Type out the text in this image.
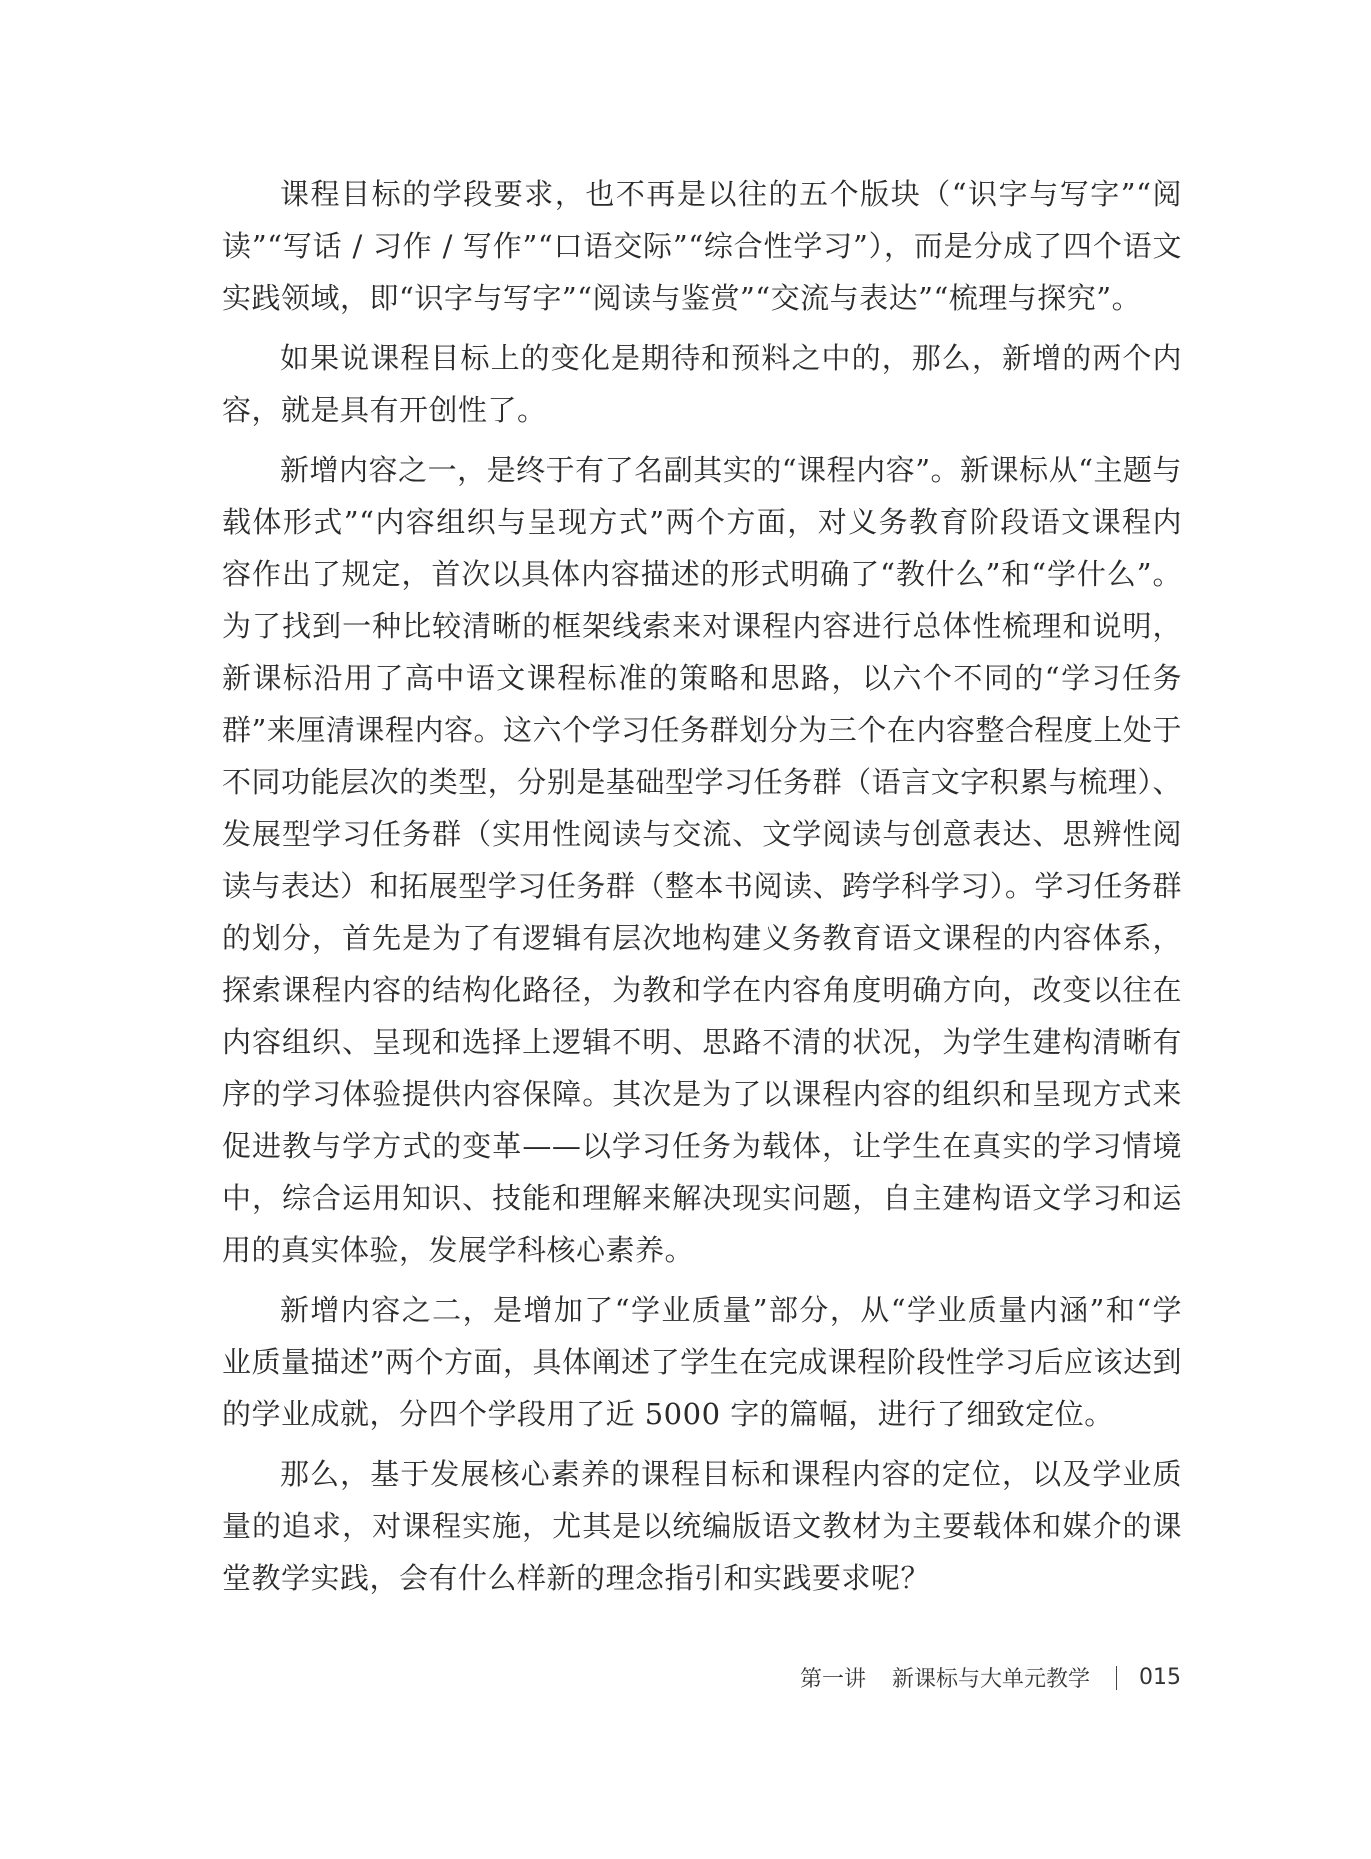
课程目标的学段要求，也不再是以往的五个版块（“识字与写字”“阅读”“写话 / 习作 / 写作”“口语交际”“综合性学习”），而是分成了四个语文实践领域，即“识字与写字”“阅读与鉴赏”“交流与表达”“梳理与探究”。

如果说课程目标上的变化是期待和预料之中的，那么，新增的两个内容，就是具有开创性了。

新增内容之一，是终于有了名副其实的“课程内容”。新课标从“主题与载体形式”“内容组织与呈现方式”两个方面，对义务教育阶段语文课程内容作出了规定，首次以具体内容描述的形式明确了“教什么”和“学什么”。为了找到一种比较清晰的框架线索来对课程内容进行总体性梳理和说明，新课标沿用了高中语文课程标准的策略和思路，以六个不同的“学习任务群”来厘清课程内容。这六个学习任务群划分为三个在内容整合程度上处于不同功能层次的类型，分别是基础型学习任务群（语言文字积累与梳理）、发展型学习任务群（实用性阅读与交流、文学阅读与创意表达、思辨性阅读与表达）和拓展型学习任务群（整本书阅读、跨学科学习）。学习任务群的划分，首先是为了有逻辑有层次地构建义务教育语文课程的内容体系，探索课程内容的结构化路径，为教和学在内容角度明确方向，改变以往在内容组织、呈现和选择上逻辑不明、思路不清的状况，为学生建构清晰有序的学习体验提供内容保障。其次是为了以课程内容的组织和呈现方式来促进教与学方式的变革——以学习任务为载体，让学生在真实的学习情境中，综合运用知识、技能和理解来解决现实问题，自主建构语文学习和运用的真实体验，发展学科核心素养。

新增内容之二，是增加了“学业质量”部分，从“学业质量内涵”和“学业质量描述”两个方面，具体阐述了学生在完成课程阶段性学习后应该达到的学业成就，分四个学段用了近 5000 字的篇幅，进行了细致定位。

那么，基于发展核心素养的课程目标和课程内容的定位，以及学业质量的追求，对课程实施，尤其是以统编版语文教材为主要载体和媒介的课堂教学实践，会有什么样新的理念指引和实践要求呢？

第一讲 新课标与大单元教学 015
